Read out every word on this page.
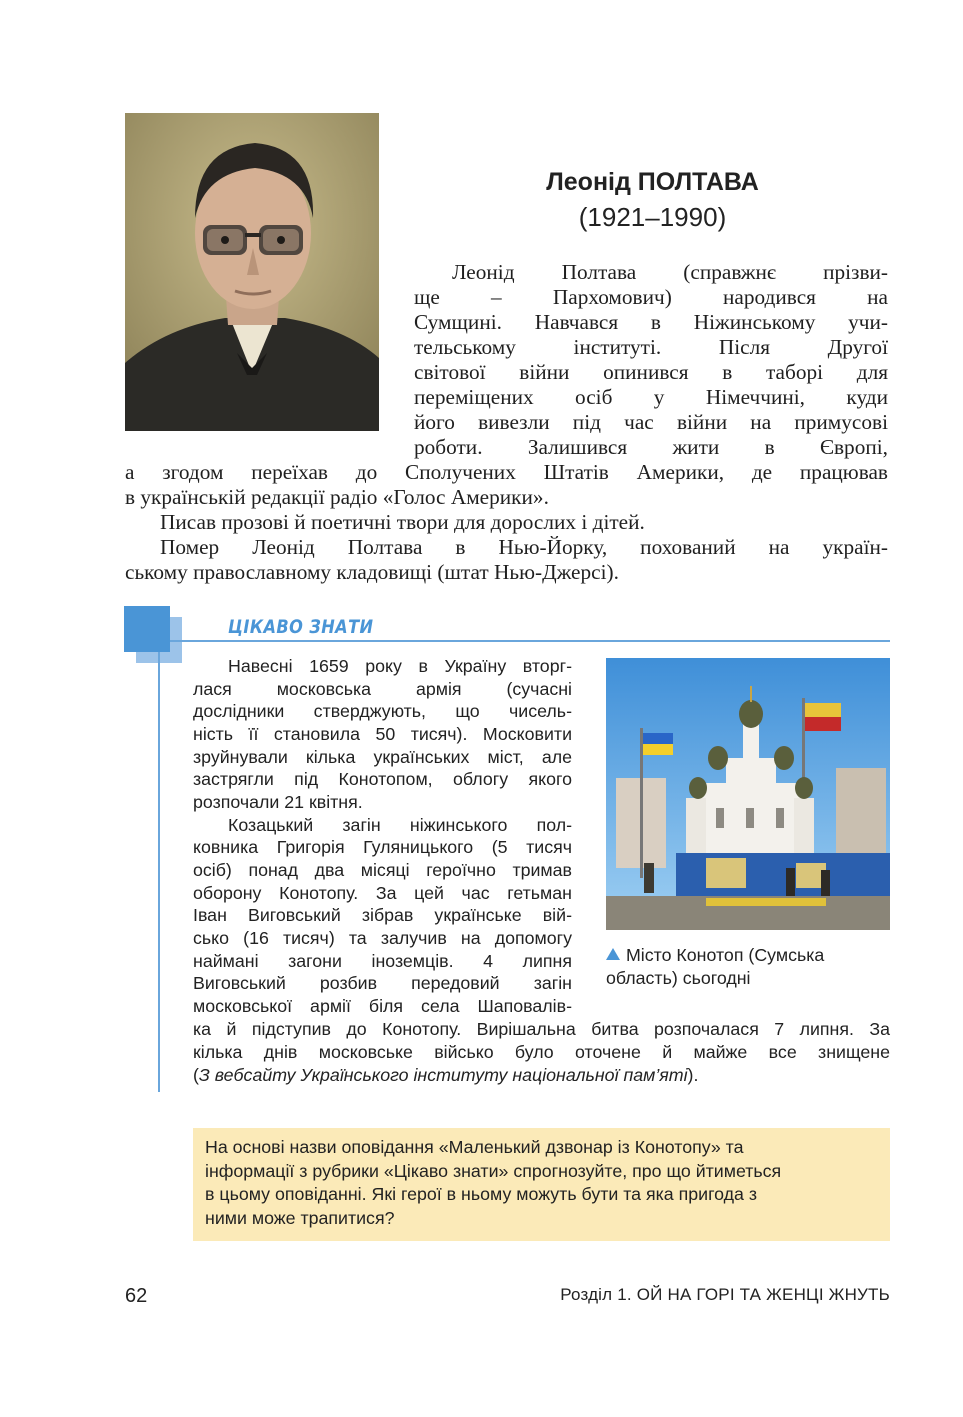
Леонід ПОЛТАВА
(1921–1990)
Леонід Полтава (справжнє прізви-
ще – Пархомович) народився на
Сумщині. Навчався в Ніжинському учи-
тельському інституті. Після Другої
світової війни опинився в таборі для
переміщених осіб у Німеччині, куди
його вивезли під час війни на примусові
роботи. Залишився жити в Європі,
а згодом переїхав до Сполучених Штатів Америки, де працював
в українській редакції радіо «Голос Америки».
Писав прозові й поетичні твори для дорослих і дітей.
Помер Леонід Полтава в Нью-Йорку, похований на україн-
ському православному кладовищі (штат Нью-Джерсі).
ЦІКАВО ЗНАТИ
Навесні 1659 року в Україну вторг-
лася московська армія (сучасні
дослідники стверджують, що чисель-
ність її становила 50 тисяч). Московити
зруйнували кілька українських міст, але
застрягли під Конотопом, облогу якого
розпочали 21 квітня.
Козацький загін ніжинського пол-
ковника Григорія Гуляницького (5 тисяч
осіб) понад два місяці героїчно тримав
оборону Конотопу. За цей час гетьман
Іван Виговський зібрав українське вій-
сько (16 тисяч) та залучив на допомогу
наймані загони іноземців. 4 липня
Виговський розбив передовий загін
московської армії біля села Шаповалів-
ка й підступив до Конотопу. Вирішальна битва розпочалася 7 липня. За
кілька днів московське військо було оточене й майже все знищене
(З вебсайту Українського інституту національної пам’яті).
Місто Конотоп (Сумська область) сьогодні
На основі назви оповідання «Маленький дзвонар із Конотопу» та
інформації з рубрики «Цікаво знати» спрогнозуйте, про що йтиметься
в цьому оповіданні. Які герої в ньому можуть бути та яка пригода з
ними може трапитися?
62	Розділ 1. ОЙ НА ГОРІ ТА ЖЕНЦІ ЖНУТЬ
